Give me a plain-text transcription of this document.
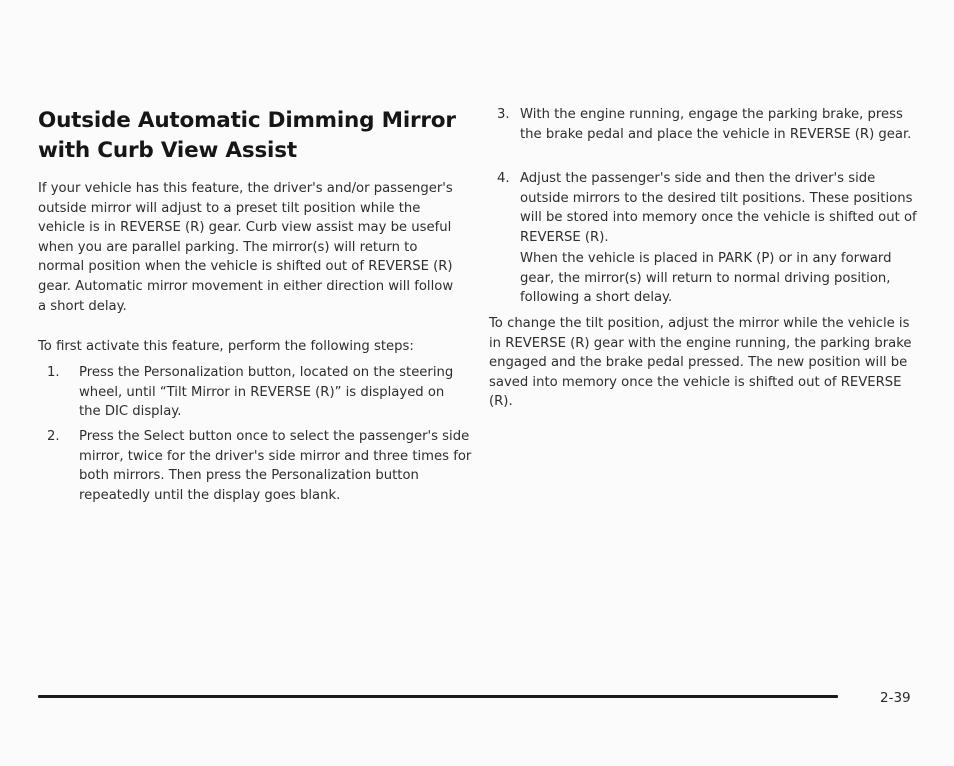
Outside Automatic Dimming Mirror with Curb View Assist

If your vehicle has this feature, the driver's and/or passenger's outside mirror will adjust to a preset tilt position while the vehicle is in REVERSE (R) gear. Curb view assist may be useful when you are parallel parking. The mirror(s) will return to normal position when the vehicle is shifted out of REVERSE (R) gear. Automatic mirror movement in either direction will follow a short delay.

To first activate this feature, perform the following steps:

1.	Press the Personalization button, located on the steering wheel, until “Tilt Mirror in REVERSE (R)” is displayed on the DIC display.

2.	Press the Select button once to select the passenger's side mirror, twice for the driver's side mirror and three times for both mirrors. Then press the Personalization button repeatedly until the display goes blank.

3. With the engine running, engage the parking brake, press the brake pedal and place the vehicle in REVERSE (R) gear.

4. Adjust the passenger's side and then the driver's side outside mirrors to the desired tilt positions. These positions will be stored into memory once the vehicle is shifted out of REVERSE (R).

When the vehicle is placed in PARK (P) or in any forward gear, the mirror(s) will return to normal driving position, following a short delay.

To change the tilt position, adjust the mirror while the vehicle is in REVERSE (R) gear with the engine running, the parking brake engaged and the brake pedal pressed. The new position will be saved into memory once the vehicle is shifted out of REVERSE (R).

2-39
